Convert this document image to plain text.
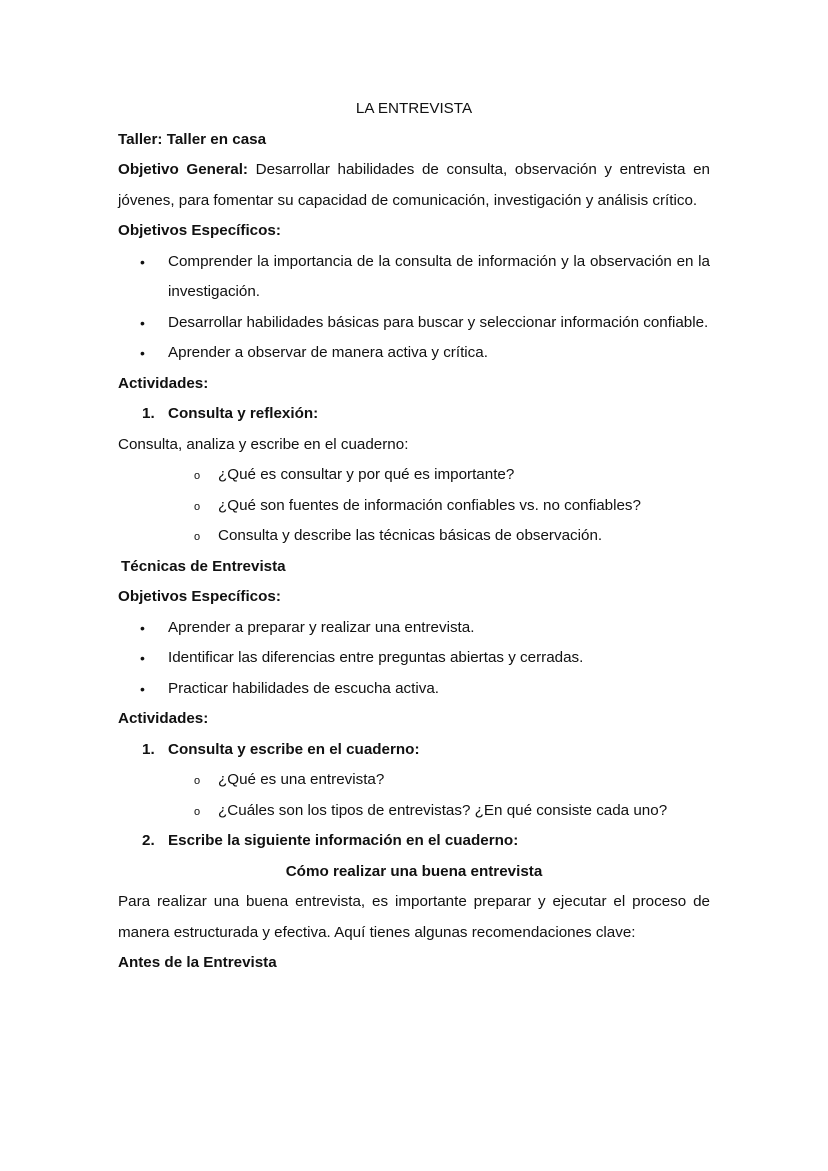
LA ENTREVISTA
Taller: Taller en casa

Objetivo General: Desarrollar habilidades de consulta, observación y entrevista en jóvenes, para fomentar su capacidad de comunicación, investigación y análisis crítico.

Objetivos Específicos:
• Comprender la importancia de la consulta de información y la observación en la investigación.
• Desarrollar habilidades básicas para buscar y seleccionar información confiable.
• Aprender a observar de manera activa y crítica.
Actividades:
1. Consulta y reflexión:
Consulta, analiza y escribe en el cuaderno:
o ¿Qué es consultar y por qué es importante?
o ¿Qué son fuentes de información confiables vs. no confiables?
o Consulta y describe las técnicas básicas de observación.
Técnicas de Entrevista
Objetivos Específicos:
• Aprender a preparar y realizar una entrevista.
• Identificar las diferencias entre preguntas abiertas y cerradas.
• Practicar habilidades de escucha activa.
Actividades:
1. Consulta y escribe en el cuaderno:
o ¿Qué es una entrevista?
o ¿Cuáles son los tipos de entrevistas? ¿En qué consiste cada uno?
2. Escribe la siguiente información en el cuaderno:
Cómo realizar una buena entrevista

Para realizar una buena entrevista, es importante preparar y ejecutar el proceso de manera estructurada y efectiva. Aquí tienes algunas recomendaciones clave:

Antes de la Entrevista
